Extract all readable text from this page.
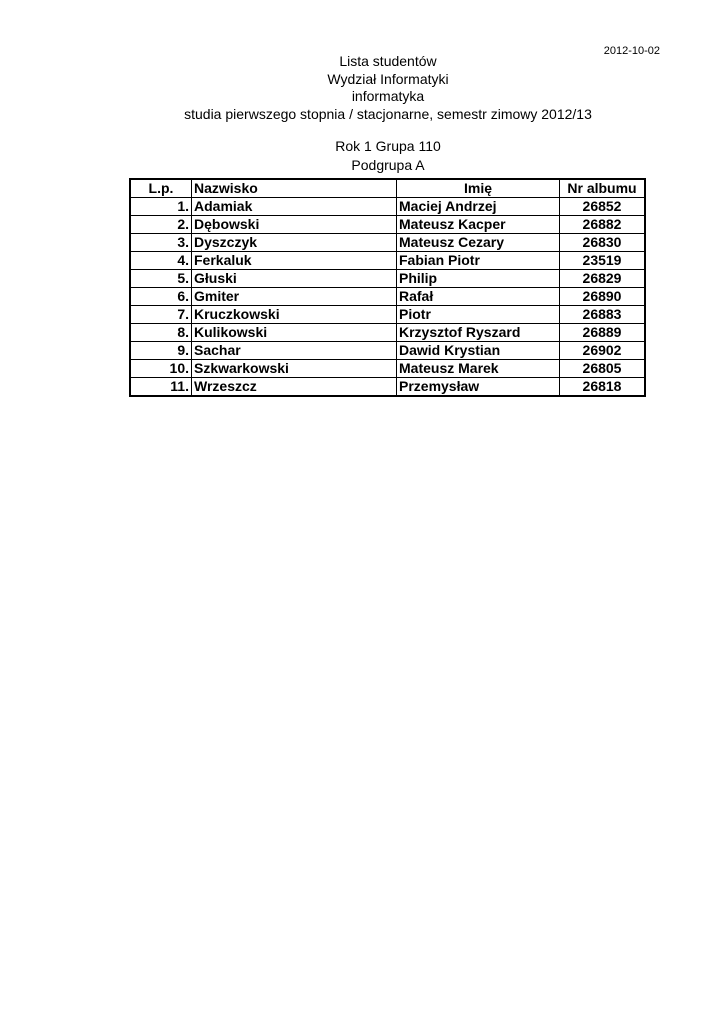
2012-10-02
Lista studentów
Wydział Informatyki
informatyka
studia pierwszego stopnia / stacjonarne, semestr zimowy 2012/13
Rok 1 Grupa 110
Podgrupa A
L.p.	Nazwisko	Imię	Nr albumu
1.	Adamiak	Maciej Andrzej	26852
2.	Dębowski	Mateusz Kacper	26882
3.	Dyszczyk	Mateusz Cezary	26830
4.	Ferkaluk	Fabian Piotr	23519
5.	Głuski	Philip	26829
6.	Gmiter	Rafał	26890
7.	Kruczkowski	Piotr	26883
8.	Kulikowski	Krzysztof Ryszard	26889
9.	Sachar	Dawid Krystian	26902
10.	Szkwarkowski	Mateusz Marek	26805
11.	Wrzeszcz	Przemysław	26818
